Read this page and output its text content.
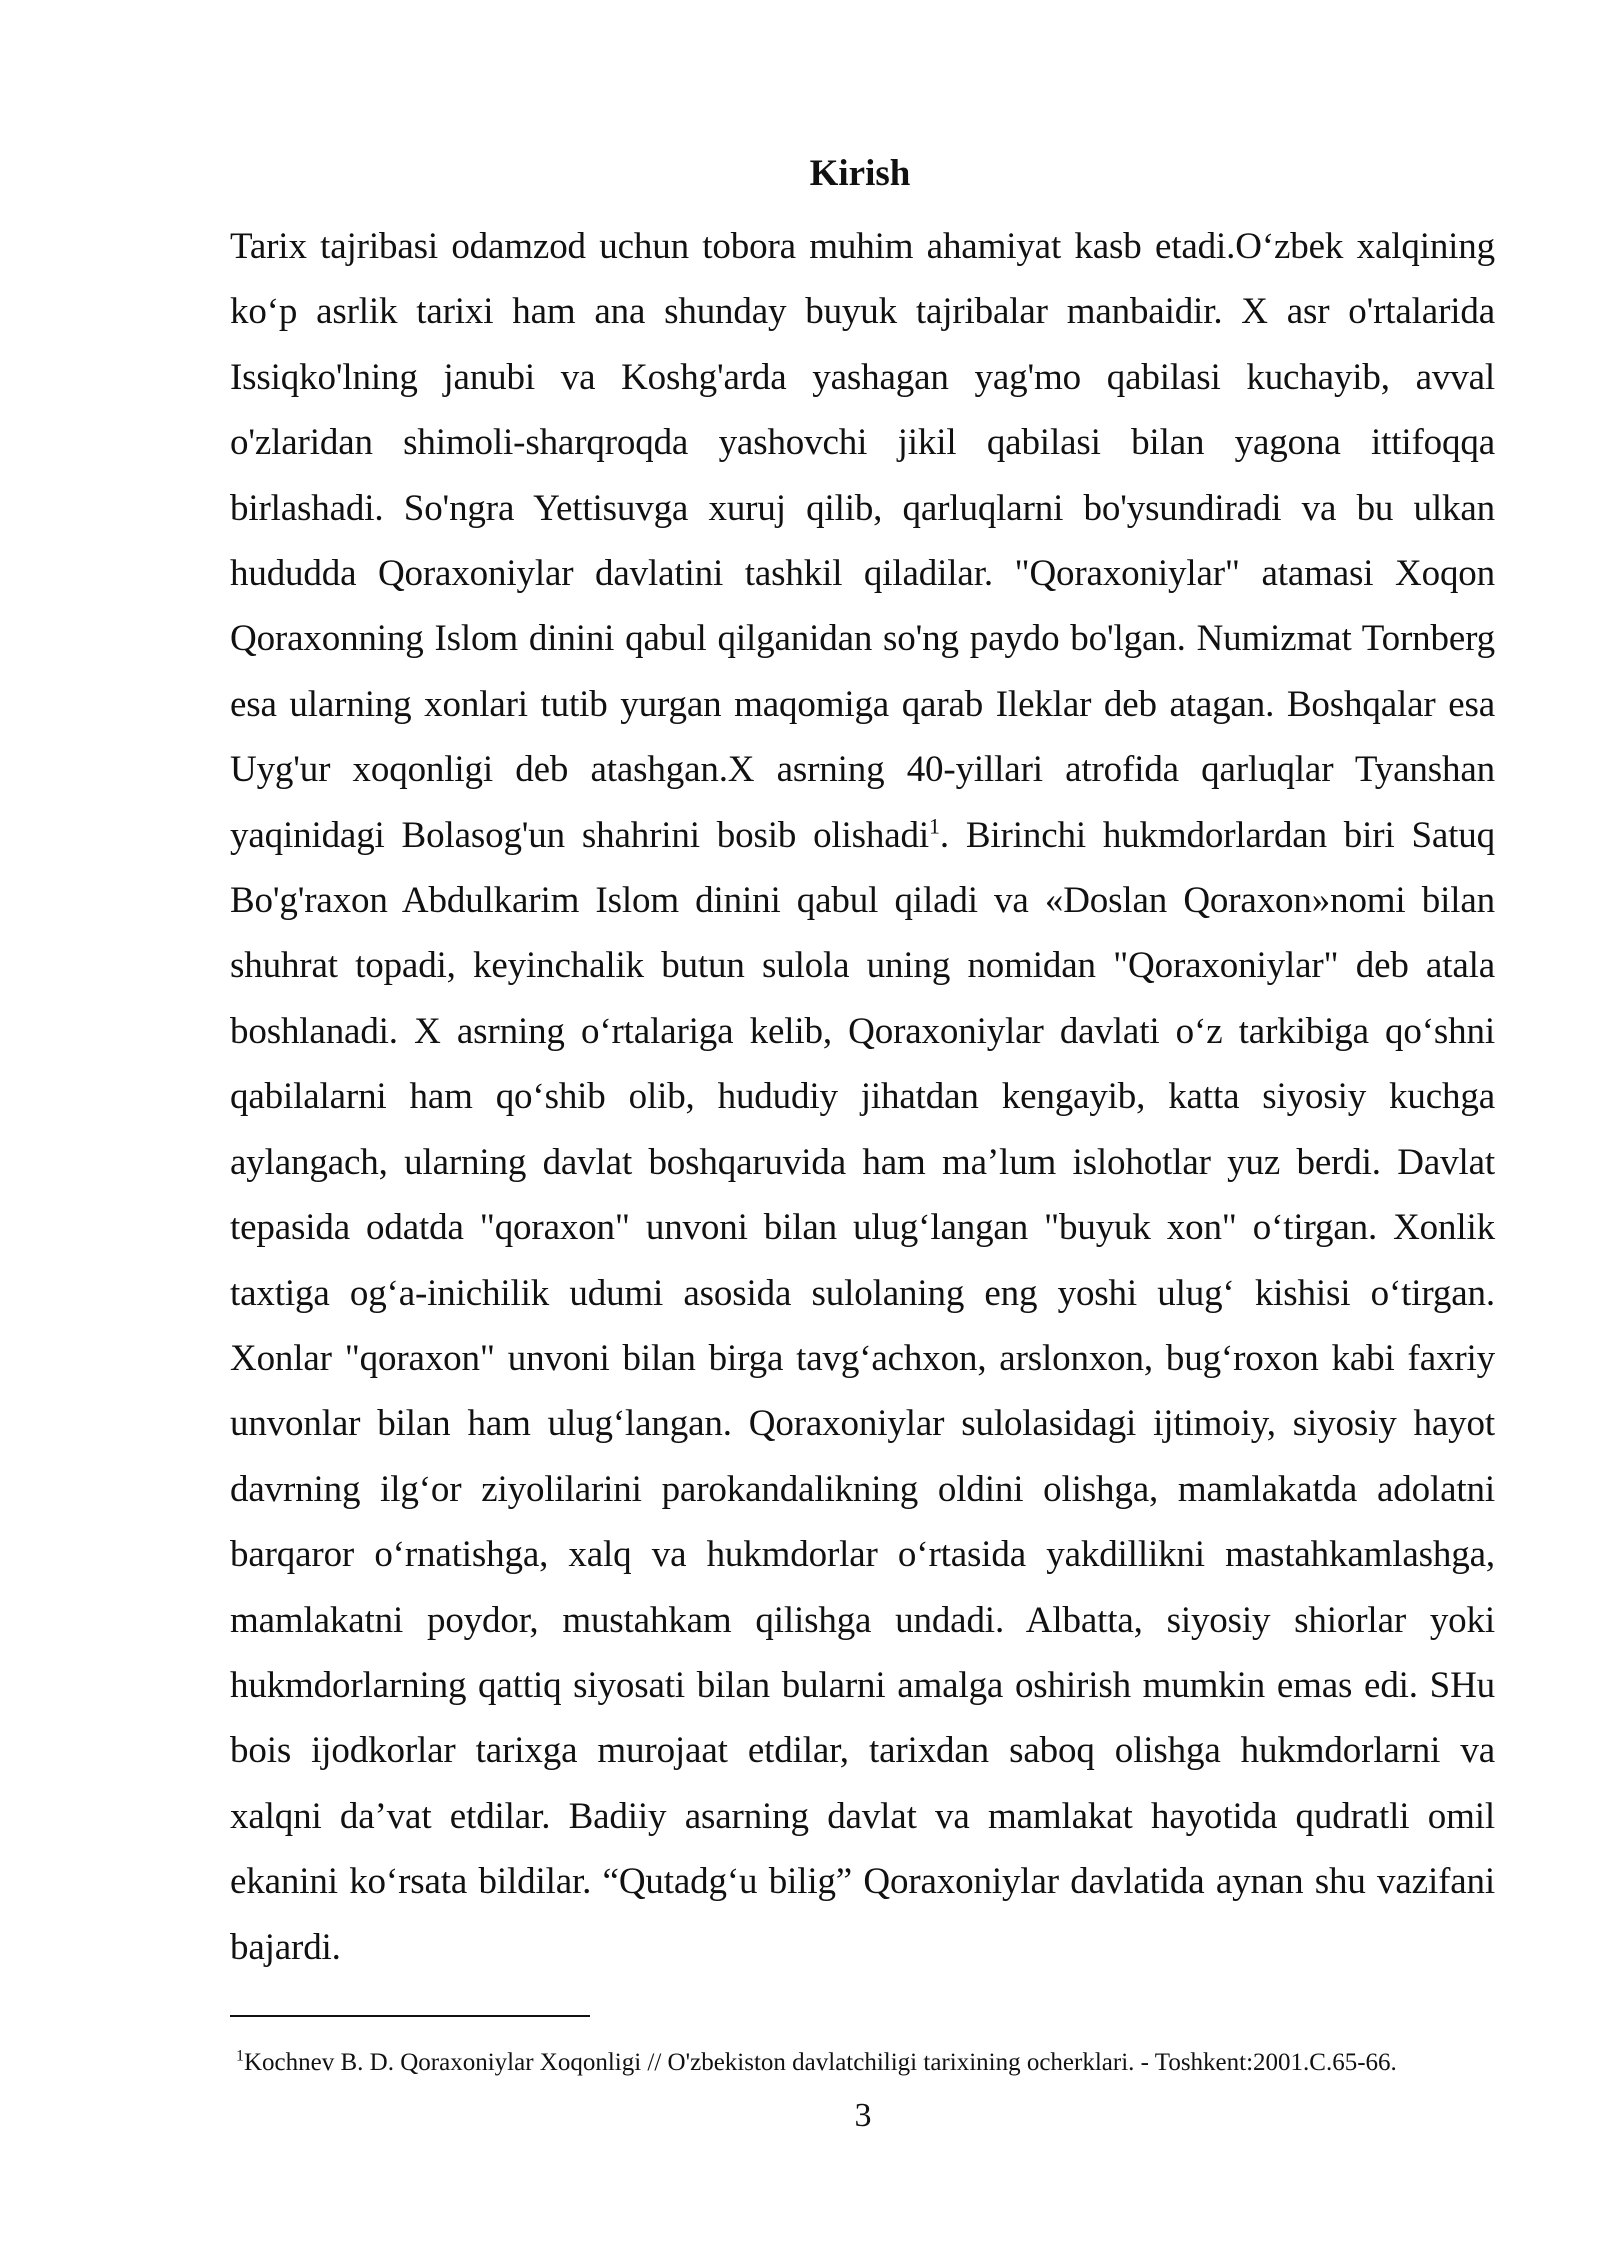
Kirish

Tarix tajribasi odamzod uchun tobora muhim ahamiyat kasb etadi.O‘zbek xalqining ko‘p asrlik tarixi ham ana shunday buyuk tajribalar manbaidir. X asr o'rtalarida Issiqko'lning janubi va Koshg'arda yashagan yag'mo qabilasi kuchayib, avval o'zlaridan shimoli-sharqroqda yashovchi jikil qabilasi bilan yagona ittifoqqa birlashadi. So'ngra Yettisuvga xuruj qilib, qarluqlarni bo'ysundiradi va bu ulkan hududda Qoraxoniylar davlatini tashkil qiladilar. "Qoraxoniylar" atamasi Xoqon Qoraxonning Islom dinini qabul qilganidan so'ng paydo bo'lgan. Numizmat Tornberg esa ularning xonlari tutib yurgan maqomiga qarab Ileklar deb atagan. Boshqalar esa Uyg'ur xoqonligi deb atashgan.X asrning 40-yillari atrofida qarluqlar Tyanshan yaqinidagi Bolasog'un shahrini bosib olishadi$^1$. Birinchi hukmdorlardan biri Satuq Bo'g'raxon Abdulkarim Islom dinini qabul qiladi va «Doslan Qoraxon»nomi bilan shuhrat topadi, keyinchalik butun sulola uning nomidan "Qoraxoniylar" deb atala boshlanadi. X asrning o‘rtalariga kelib, Qoraxoniylar davlati o‘z tarkibiga qo‘shni qabilalarni ham qo‘shib olib, hududiy jihatdan kengayib, katta siyosiy kuchga aylangach, ularning davlat boshqaruvida ham ma’lum islohotlar yuz berdi. Davlat tepasida odatda "qoraxon" unvoni bilan ulug‘langan "buyuk xon" o‘tirgan. Xonlik taxtiga og‘a-inichilik udumi asosida sulolaning eng yoshi ulug‘ kishisi o‘tirgan. Xonlar "qoraxon" unvoni bilan birga tavg‘achxon, arslonxon, bug‘roxon kabi faxriy unvonlar bilan ham ulug‘langan. Qoraxoniylar sulolasidagi ijtimoiy, siyosiy hayot davrning ilg‘or ziyolilarini parokandalikning oldini olishga, mamlakatda adolatni barqaror o‘rnatishga, xalq va hukmdorlar o‘rtasida yakdillikni mastahkamlashga, mamlakatni poydor, mustahkam qilishga undadi. Albatta, siyosiy shiorlar yoki hukmdorlarning qattiq siyosati bilan bularni amalga oshirish mumkin emas edi. SHu bois ijodkorlar tarixga murojaat etdilar, tarixdan saboq olishga hukmdorlarni va xalqni da’vat etdilar. Badiiy asarning davlat va mamlakat hayotida qudratli omil ekanini ko‘rsata bildilar. “Qutadg‘u bilig” Qoraxoniylar davlatida aynan shu vazifani bajardi.

$^1$Kochnev B. D. Qoraxoniylar Xoqonligi // O'zbekiston davlatchiligi tarixining ocherklari. - Toshkent:2001.C.65-66.

3
